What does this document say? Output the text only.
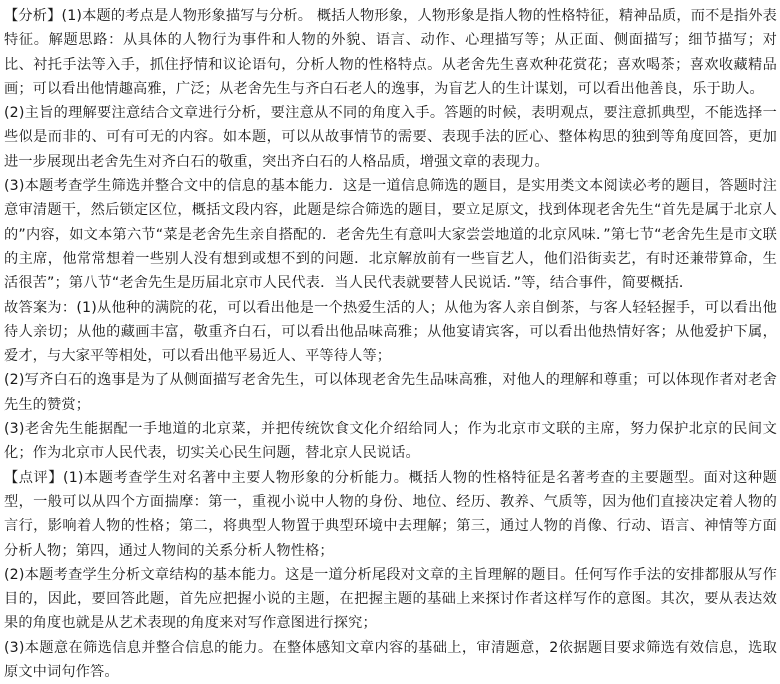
【分析】(1)本题的考点是人物形象描写与分析。 概括人物形象，人物形象是指人物的性格特征，精神品质，而不是指外表特征。解题思路：从具体的人物行为事件和人物的外貌、语言、动作、心理描写等；从正面、侧面描写；细节描写；对比、衬托手法等入手，抓住抒情和议论语句，分析人物的性格特点。从老舍先生喜欢种花赏花；喜欢喝茶；喜欢收藏精品画；可以看出他情趣高雅，广泛；从老舍先生与齐白石老人的逸事，为盲艺人的生计谋划，可以看出他善良，乐于助人。

(2)主旨的理解要注意结合文章进行分析，要注意从不同的角度入手。答题的时候，表明观点，要注意抓典型，不能选择一些似是而非的、可有可无的内容。如本题，可以从故事情节的需要、表现手法的匠心、整体构思的独到等角度回答，更加进一步展现出老舍先生对齐白石的敬重，突出齐白石的人格品质，增强文章的表现力。

(3)本题考查学生筛选并整合文中的信息的基本能力．这是一道信息筛选的题目，是实用类文本阅读必考的题目，答题时注意审清题干，然后锁定区位，概括文段内容，此题是综合筛选的题目，要立足原文，找到体现老舍先生“首先是属于北京人的”内容，如文本第六节“菜是老舍先生亲自搭配的．老舍先生有意叫大家尝尝地道的北京风味．”第七节“老舍先生是市文联的主席，他常常想着一些别人没有想到或想不到的问题．北京解放前有一些盲艺人，他们沿街卖艺，有时还兼带算命，生活很苦”；第八节“老舍先生是历届北京市人民代表．当人民代表就要替人民说话．”等，结合事件，简要概括．

故答案为：(1)从他种的满院的花，可以看出他是一个热爱生活的人；从他为客人亲自倒茶，与客人轻轻握手，可以看出他待人亲切；从他的藏画丰富，敬重齐白石，可以看出他品味高雅；从他宴请宾客，可以看出他热情好客；从他爱护下属，爱才，与大家平等相处，可以看出他平易近人、平等待人等；

(2)写齐白石的逸事是为了从侧面描写老舍先生，可以体现老舍先生品味高雅，对他人的理解和尊重；可以体现作者对老舍先生的赞赏；

(3)老舍先生能据配一手地道的北京菜，并把传统饮食文化介绍给同人；作为北京市文联的主席，努力保护北京的民间文化；作为北京市人民代表，切实关心民生问题，替北京人民说话。

【点评】(1)本题考查学生对名著中主要人物形象的分析能力。概括人物的性格特征是名著考查的主要题型。面对这种题型，一般可以从四个方面揣摩：第一，重视小说中人物的身份、地位、经历、教养、气质等，因为他们直接决定着人物的言行，影响着人物的性格；第二，将典型人物置于典型环境中去理解；第三，通过人物的肖像、行动、语言、神情等方面分析人物；第四，通过人物间的关系分析人物性格；

(2)本题考查学生分析文章结构的基本能力。这是一道分析尾段对文章的主旨理解的题目。任何写作手法的安排都服从写作目的，因此，要回答此题，首先应把握小说的主题，在把握主题的基础上来探讨作者这样写作的意图。其次，要从表达效果的角度也就是从艺术表现的角度来对写作意图进行探究；

(3)本题意在筛选信息并整合信息的能力。在整体感知文章内容的基础上，审清题意，2依据题目要求筛选有效信息，选取原文中词句作答。
